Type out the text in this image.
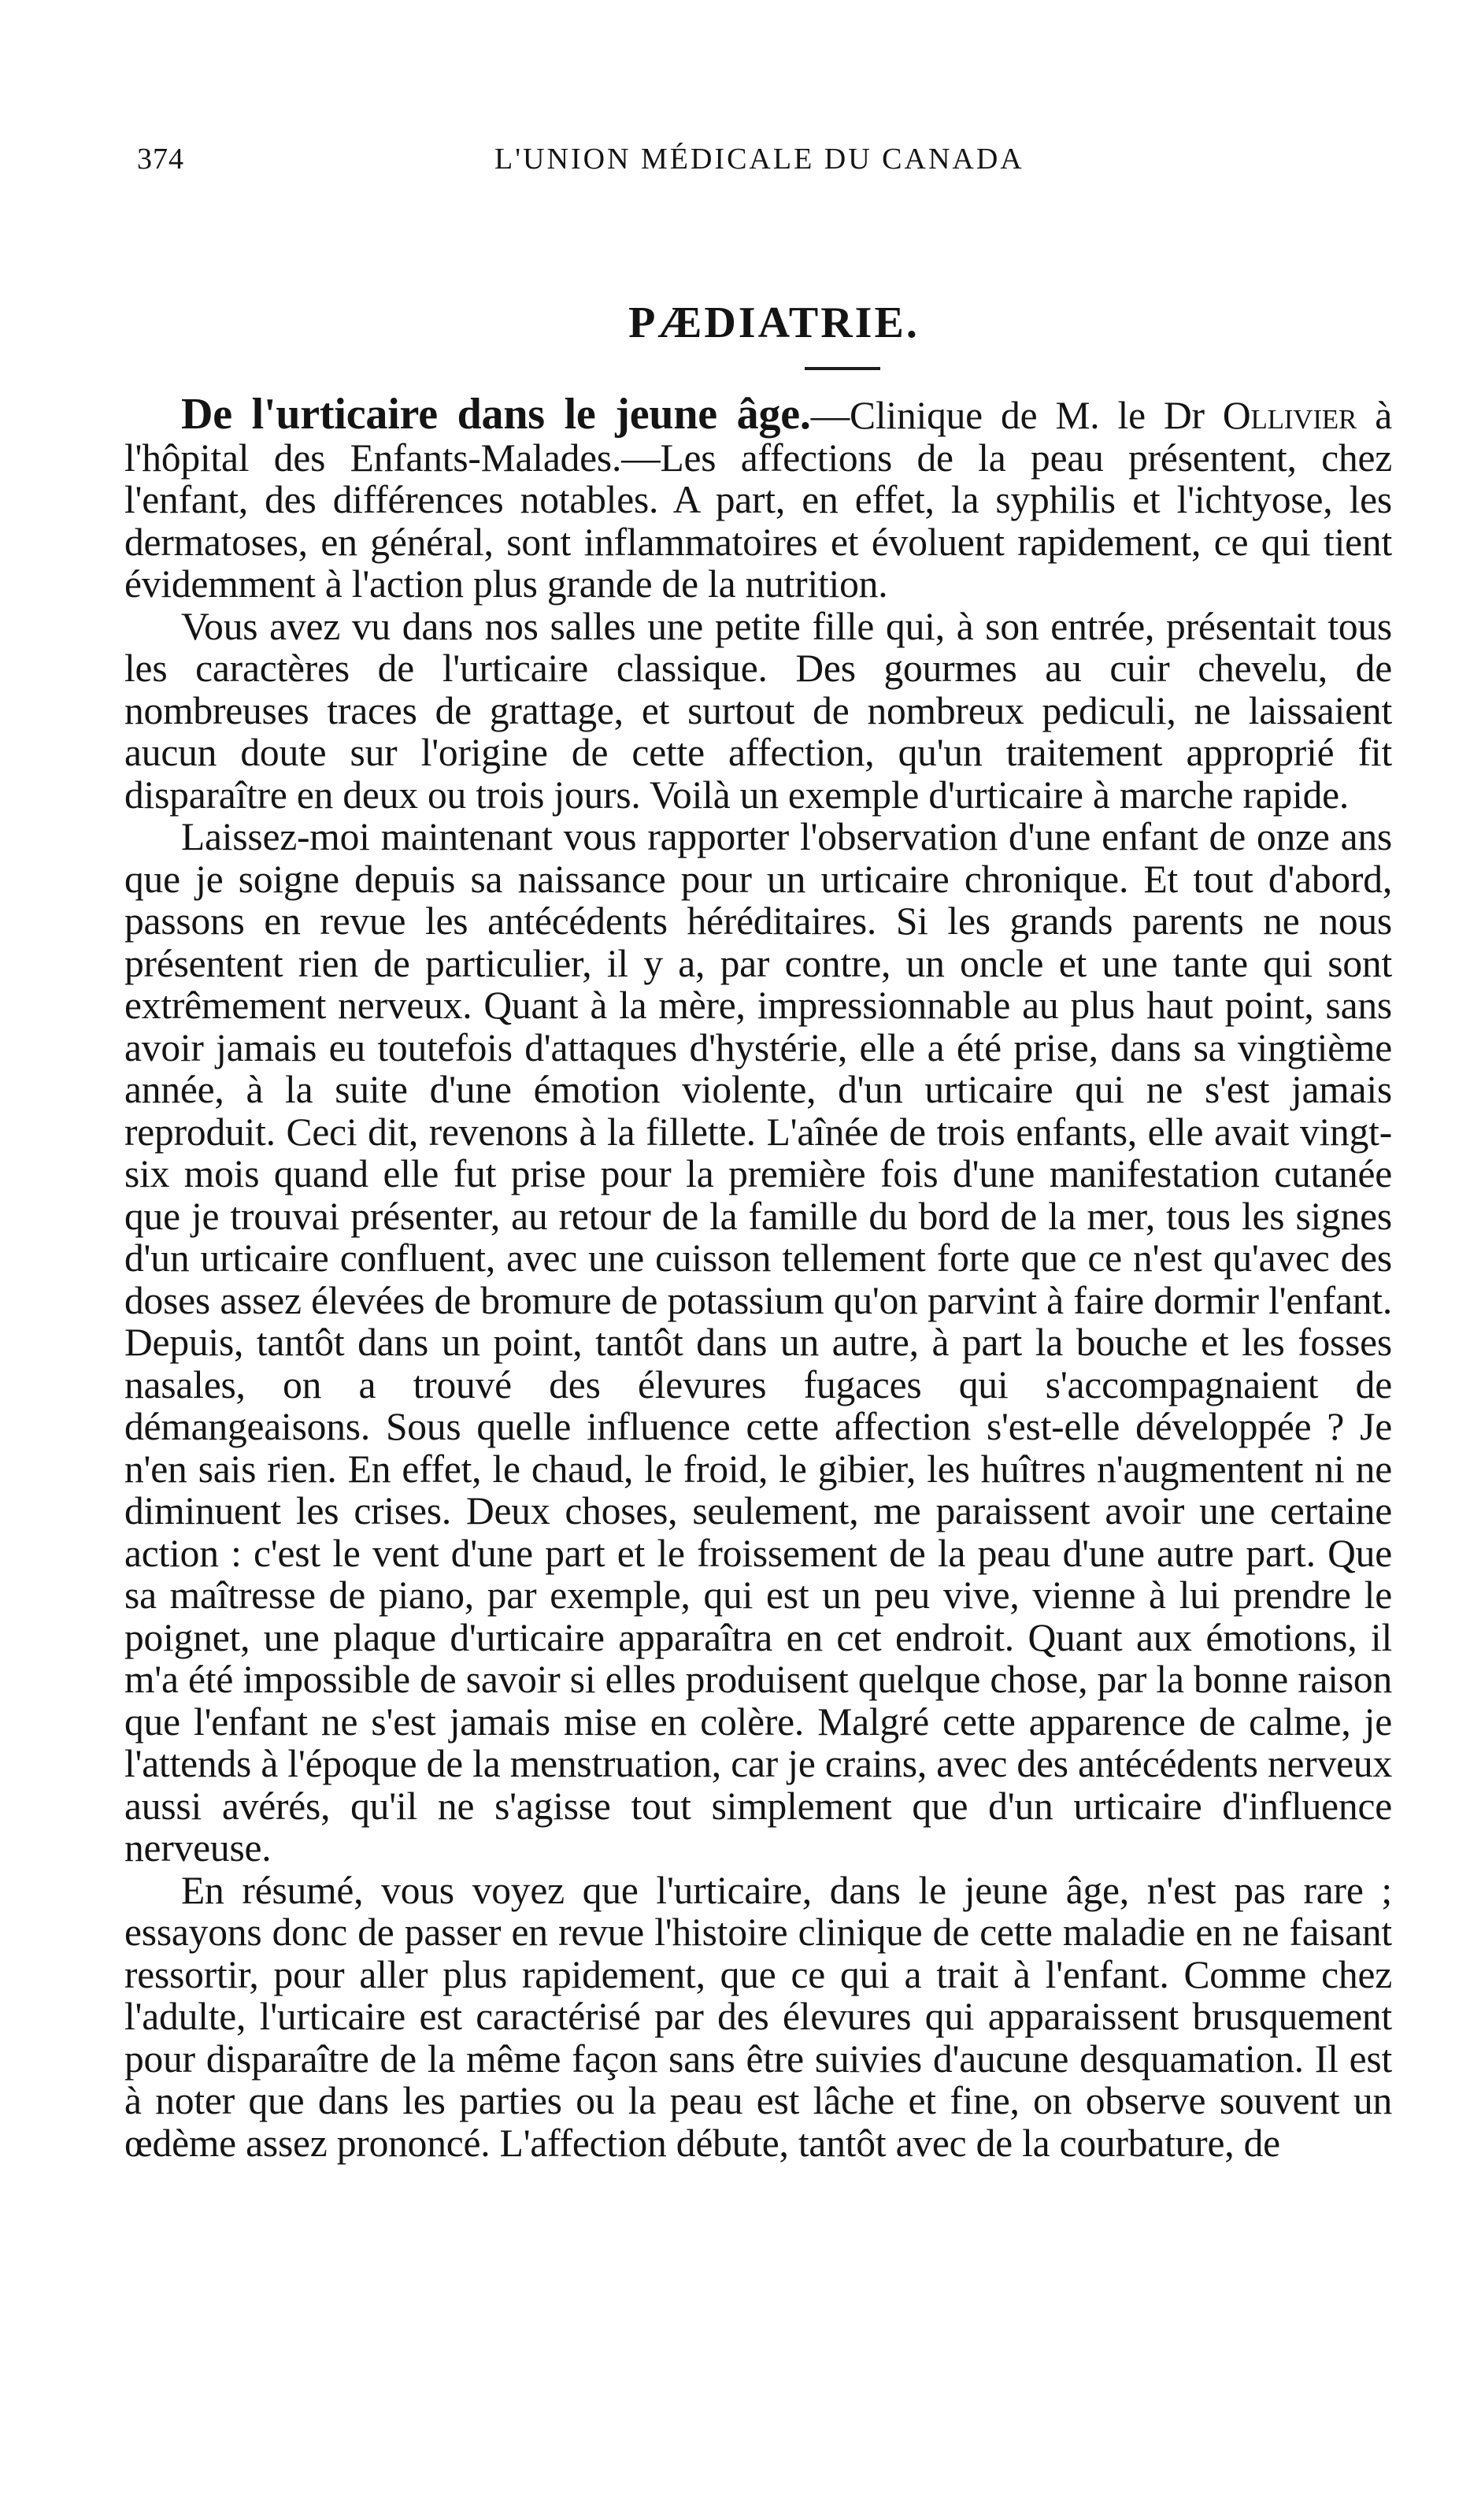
374	L'UNION MÉDICALE DU CANADA
PÆDIATRIE.

De l'urticaire dans le jeune âge.—Clinique de M. le Dr Ollivier à l'hôpital des Enfants-Malades.—Les affections de la peau présentent, chez l'enfant, des différences notables. A part, en effet, la syphilis et l'ichtyose, les dermatoses, en général, sont inflammatoires et évoluent rapidement, ce qui tient évidemment à l'action plus grande de la nutrition.

Vous avez vu dans nos salles une petite fille qui, à son entrée, présentait tous les caractères de l'urticaire classique. Des gourmes au cuir chevelu, de nombreuses traces de grattage, et surtout de nombreux pediculi, ne laissaient aucun doute sur l'origine de cette affection, qu'un traitement approprié fit disparaître en deux ou trois jours. Voilà un exemple d'urticaire à marche rapide.

Laissez-moi maintenant vous rapporter l'observation d'une enfant de onze ans que je soigne depuis sa naissance pour un urticaire chronique. Et tout d'abord, passons en revue les antécédents héréditaires. Si les grands parents ne nous présentent rien de particulier, il y a, par contre, un oncle et une tante qui sont extrêmement nerveux. Quant à la mère, impressionnable au plus haut point, sans avoir jamais eu toutefois d'attaques d'hystérie, elle a été prise, dans sa vingtième année, à la suite d'une émotion violente, d'un urticaire qui ne s'est jamais reproduit. Ceci dit, revenons à la fillette. L'aînée de trois enfants, elle avait vingt-six mois quand elle fut prise pour la première fois d'une manifestation cutanée que je trouvai présenter, au retour de la famille du bord de la mer, tous les signes d'un urticaire confluent, avec une cuisson tellement forte que ce n'est qu'avec des doses assez élevées de bromure de potassium qu'on parvint à faire dormir l'enfant. Depuis, tantôt dans un point, tantôt dans un autre, à part la bouche et les fosses nasales, on a trouvé des élevures fugaces qui s'accompagnaient de démangeaisons. Sous quelle influence cette affection s'est-elle développée ? Je n'en sais rien. En effet, le chaud, le froid, le gibier, les huîtres n'augmentent ni ne diminuent les crises. Deux choses, seulement, me paraissent avoir une certaine action : c'est le vent d'une part et le froissement de la peau d'une autre part. Que sa maîtresse de piano, par exemple, qui est un peu vive, vienne à lui prendre le poignet, une plaque d'urticaire apparaîtra en cet endroit. Quant aux émotions, il m'a été impossible de savoir si elles produisent quelque chose, par la bonne raison que l'enfant ne s'est jamais mise en colère. Malgré cette apparence de calme, je l'attends à l'époque de la menstruation, car je crains, avec des antécédents nerveux aussi avérés, qu'il ne s'agisse tout simplement que d'un urticaire d'influence nerveuse.

En résumé, vous voyez que l'urticaire, dans le jeune âge, n'est pas rare ; essayons donc de passer en revue l'histoire clinique de cette maladie en ne faisant ressortir, pour aller plus rapidement, que ce qui a trait à l'enfant. Comme chez l'adulte, l'urticaire est caractérisé par des élevures qui apparaissent brusquement pour disparaître de la même façon sans être suivies d'aucune desquamation. Il est à noter que dans les parties ou la peau est lâche et fine, on observe souvent un œdème assez prononcé. L'affection débute, tantôt avec de la courbature, de
